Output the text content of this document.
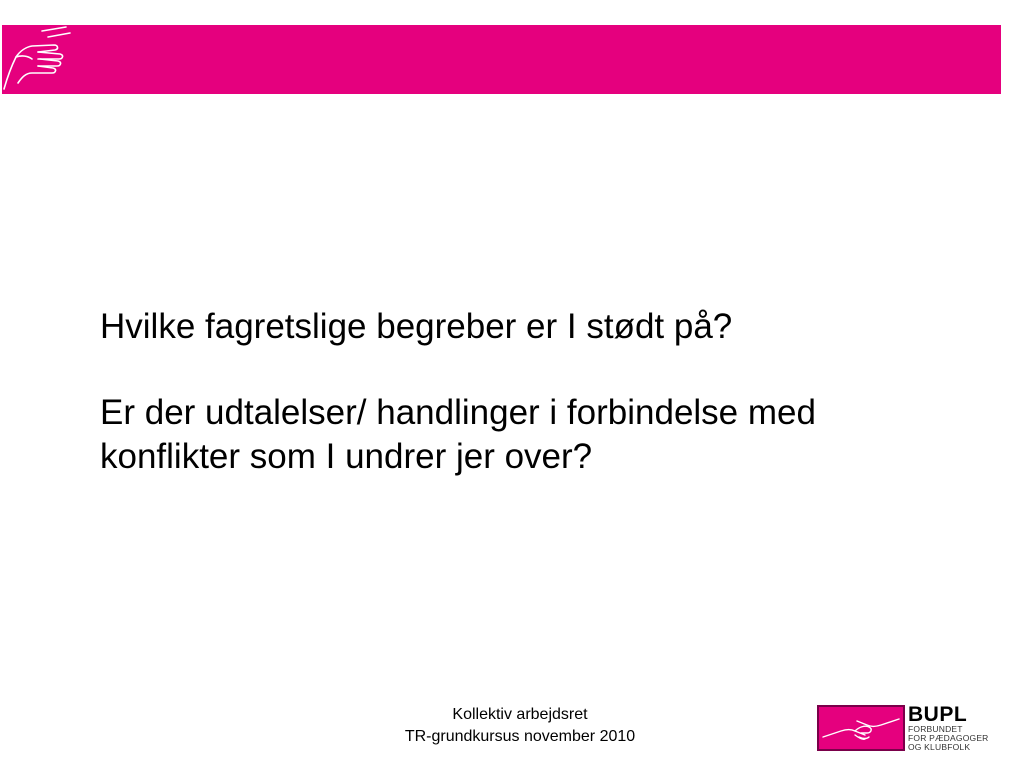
Hvilke fagretslige begreber er I stødt på?

Er der udtalelser/ handlinger i forbindelse med konflikter som I undrer jer over?

Kollektiv arbejdsret
TR-grundkursus november 2010
BUPL
FORBUNDET
FOR PÆDAGOGER
OG KLUBFOLK
